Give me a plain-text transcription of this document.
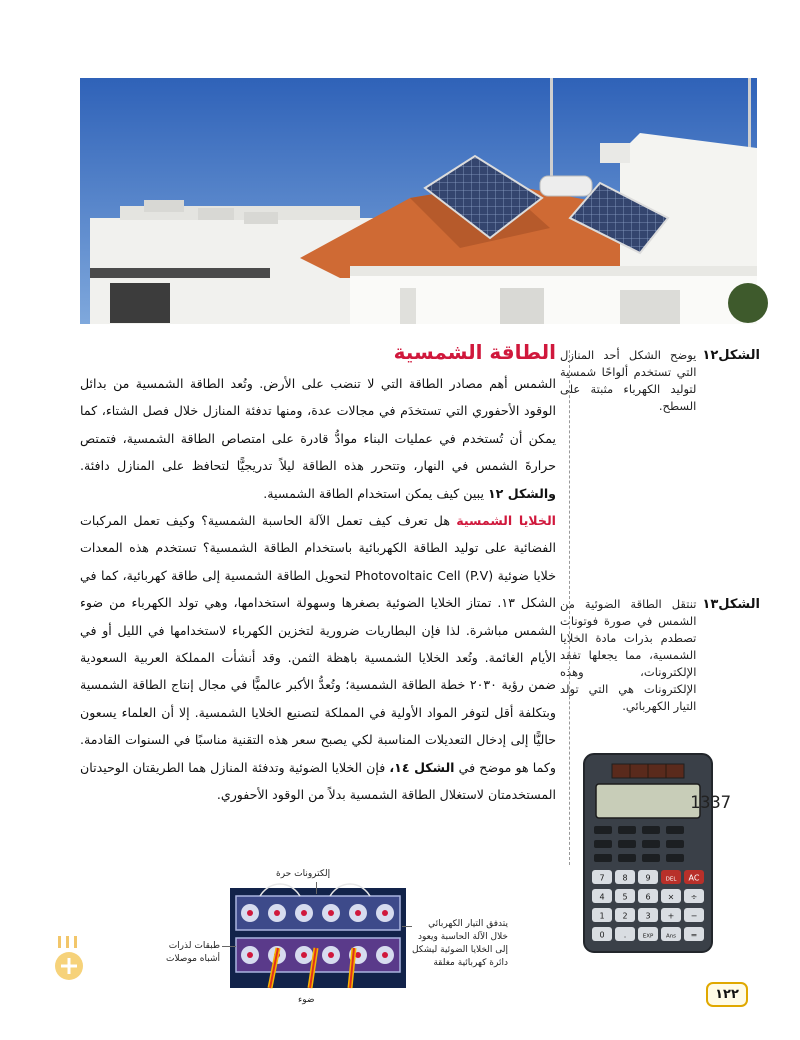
الشكل١٢
يوضح الشكل أحد المنازل التي تستخدم ألواحًا شمسية لتوليد الكهرباء مثبتة على السطح.
الشكل١٣
تنتقل الطاقة الضوئية من الشمس في صورة فوتونات تصطدم بذرات مادة الخلايا الشمسية، مما يجعلها تفقد الإلكترونات، وهذه الإلكترونات هي التي تولد التيار الكهربائي.
الطاقة الشمسية

الشمس أهم مصادر الطاقة التي لا تنضب على الأرض. وتُعد الطاقة الشمسية من بدائل الوقود الأحفوري التي تستخدَم في مجالات عدة، ومنها تدفئة المنازل خلال فصل الشتاء، كما يمكن أن تُستخدم في عمليات البناء موادُّ قادرة على امتصاص الطاقة الشمسية، فتمتص حرارةَ الشمس في النهار، وتتحرر هذه الطاقة ليلاً تدريجيًّا لتحافظ على المنازل دافئة. والشكل ١٢ يبين كيف يمكن استخدام الطاقة الشمسية.

الخلايا الشمسية هل تعرف كيف تعمل الآلة الحاسبة الشمسية؟ وكيف تعمل المركبات الفضائية على توليد الطاقة الكهربائية باستخدام الطاقة الشمسية؟ تستخدم هذه المعدات خلايا ضوئية Photovoltaic Cell (P.V) لتحويل الطاقة الشمسية إلى طاقة كهربائية، كما في الشكل ١٣. تمتاز الخلايا الضوئية بصغرها وسهولة استخدامها، وهي تولد الكهرباء من ضوء الشمس مباشرة. لذا فإن البطاريات ضرورية لتخزين الكهرباء لاستخدامها في الليل أو في الأيام الغائمة. وتُعد الخلايا الشمسية باهظة الثمن. وقد أنشأت المملكة العربية السعودية ضمن رؤية ٢٠٣٠ خطة الطاقة الشمسية؛ وتُعدُّ الأكبر عالميًّا في مجال إنتاج الطاقة الشمسية وبتكلفة أقل لتوفر المواد الأولية في المملكة لتصنيع الخلايا الشمسية. إلا أن العلماء يسعون حاليًّا إلى إدخال التعديلات المناسبة لكي يصبح سعر هذه التقنية مناسبًا في السنوات القادمة. وكما هو موضح في الشكل ١٤، فإن الخلايا الضوئية وتدفئة المنازل هما الطريقتان الوحيدتان المستخدمتان لاستغلال الطاقة الشمسية بدلاً من الوقود الأحفوري.	1337
7 8 9	DEL AC
4 5 6 × ÷
1 2 3 + −
0 .	EXP Ans =
إلكترونات حرة
طبقات لذرات أشباه موصلات
يتدفق التيار الكهربائي خلال الآلة الحاسبة ويعود إلى الخلايا الضوئية ليشكل دائرة كهربائية مغلقة
ضوء	١٢٢
